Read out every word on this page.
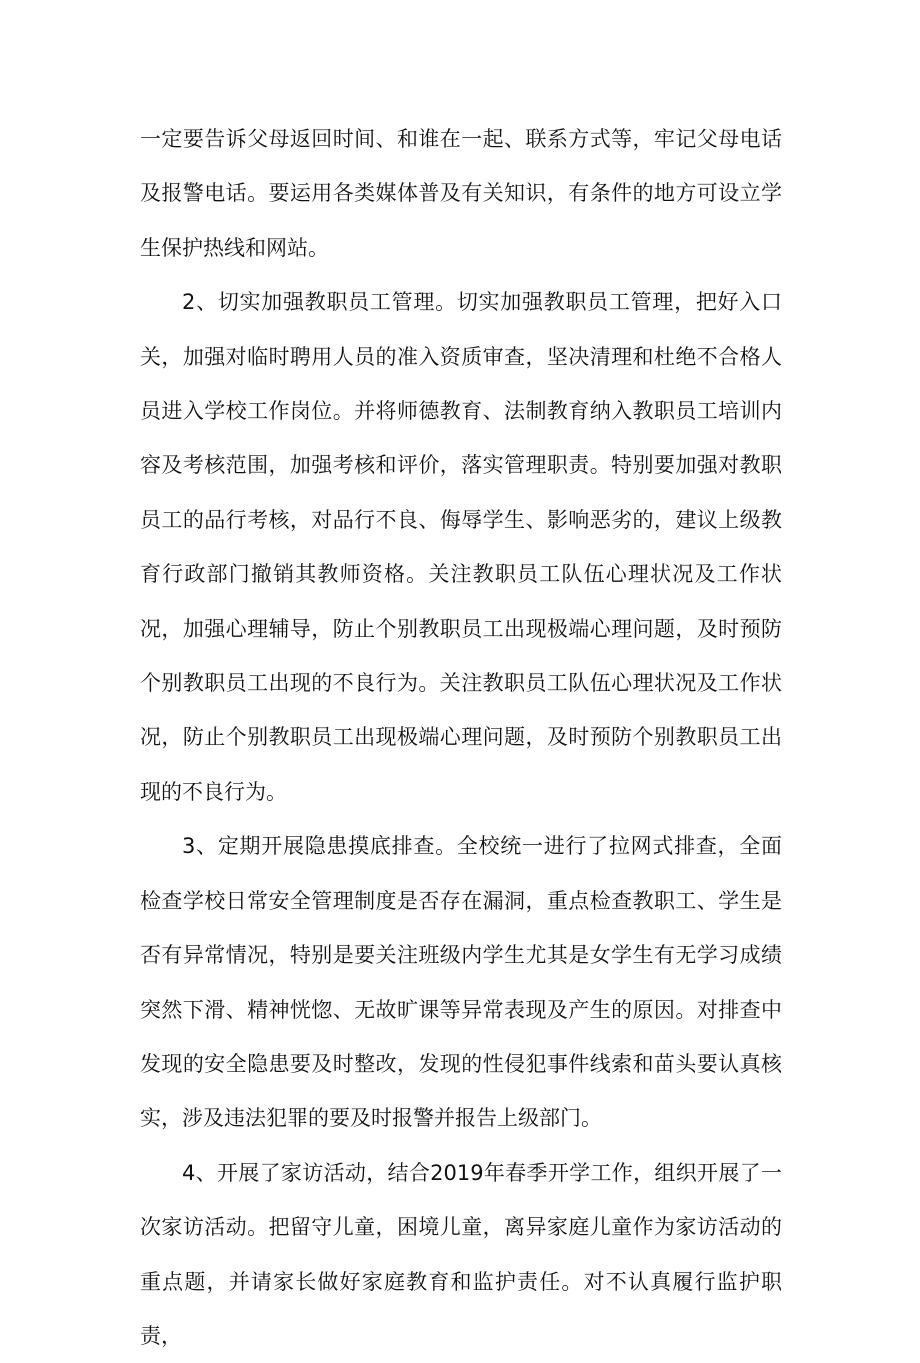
一定要告诉父母返回时间、和谁在一起、联系方式等，牢记父母电话及报警电话。要运用各类媒体普及有关知识，有条件的地方可设立学生保护热线和网站。

2、切实加强教职员工管理。切实加强教职员工管理，把好入口关，加强对临时聘用人员的准入资质审查，坚决清理和杜绝不合格人员进入学校工作岗位。并将师德教育、法制教育纳入教职员工培训内容及考核范围，加强考核和评价，落实管理职责。特别要加强对教职员工的品行考核，对品行不良、侮辱学生、影响恶劣的，建议上级教育行政部门撤销其教师资格。关注教职员工队伍心理状况及工作状况，加强心理辅导，防止个别教职员工出现极端心理问题，及时预防个别教职员工出现的不良行为。关注教职员工队伍心理状况及工作状况，防止个别教职员工出现极端心理问题，及时预防个别教职员工出现的不良行为。

3、定期开展隐患摸底排查。全校统一进行了拉网式排查，全面检查学校日常安全管理制度是否存在漏洞，重点检查教职工、学生是否有异常情况，特别是要关注班级内学生尤其是女学生有无学习成绩突然下滑、精神恍惚、无故旷课等异常表现及产生的原因。对排查中发现的安全隐患要及时整改，发现的性侵犯事件线索和苗头要认真核实，涉及违法犯罪的要及时报警并报告上级部门。

4、开展了家访活动，结合2019年春季开学工作，组织开展了一次家访活动。把留守儿童，困境儿童，离异家庭儿童作为家访活动的重点题，并请家长做好家庭教育和监护责任。对不认真履行监护职责，
